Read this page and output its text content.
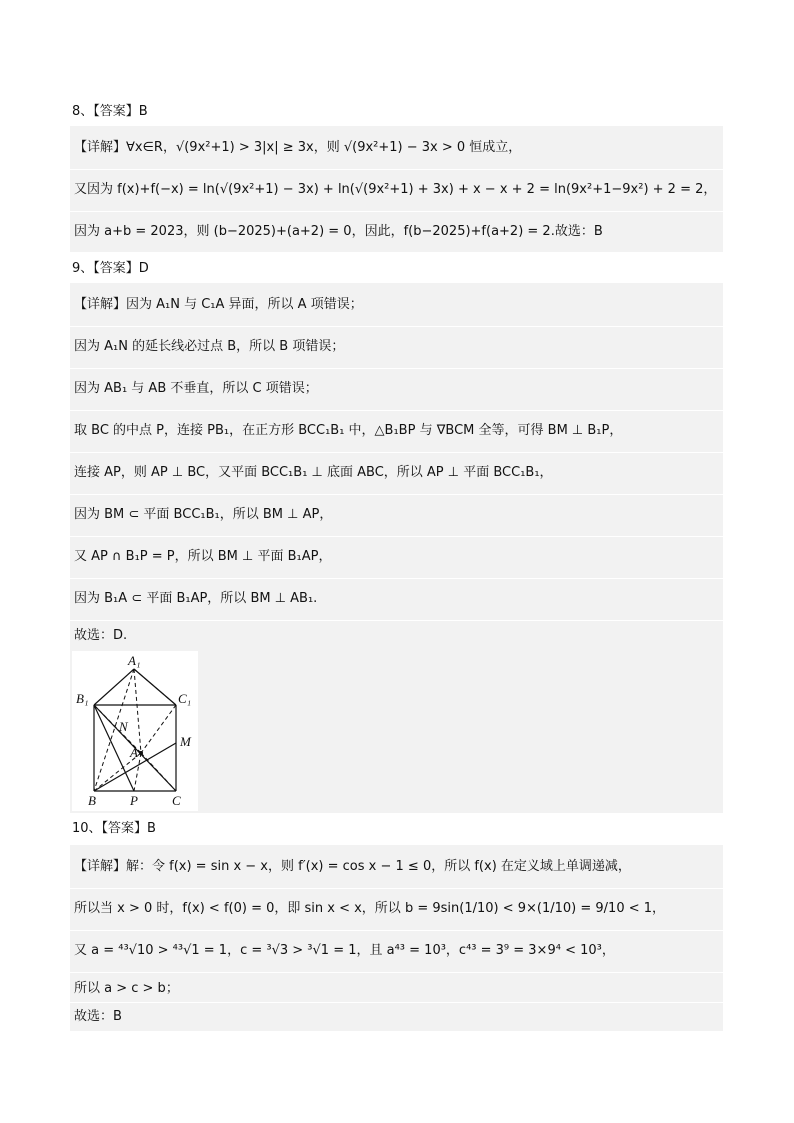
8、【答案】B
【详解】∀x∈R，√(9x²+1) > 3|x| ≥ 3x，则 √(9x²+1) − 3x > 0 恒成立，
又因为 f(x)+f(−x) = ln(√(9x²+1) − 3x) + ln(√(9x²+1) + 3x) + x − x + 2 = ln(9x²+1−9x²) + 2 = 2，
因为 a+b = 2023，则 (b−2025)+(a+2) = 0，因此，f(b−2025)+f(a+2) = 2.故选：B
9、【答案】D
【详解】因为 A₁N 与 C₁A 异面，所以 A 项错误；
因为 A₁N 的延长线必过点 B，所以 B 项错误；
因为 AB₁ 与 AB 不垂直，所以 C 项错误；
取 BC 的中点 P，连接 PB₁，在正方形 BCC₁B₁ 中，△B₁BP 与 ∇BCM 全等，可得 BM ⊥ B₁P，
连接 AP，则 AP ⊥ BC，又平面 BCC₁B₁ ⊥ 底面 ABC，所以 AP ⊥ 平面 BCC₁B₁，
因为 BM ⊂ 平面 BCC₁B₁，所以 BM ⊥ AP，
又 AP ∩ B₁P = P，所以 BM ⊥ 平面 B₁AP，
因为 B₁A ⊂ 平面 B₁AP，所以 BM ⊥ AB₁.
故选：D.
A₁
B₁	C₁
N
A
M
B	P	C
10、【答案】B
【详解】解：令 f(x) = sin x − x，则 f′(x) = cos x − 1 ≤ 0，所以 f(x) 在定义域上单调递减，
所以当 x > 0 时，f(x) < f(0) = 0，即 sin x < x，所以 b = 9sin(1/10) < 9×(1/10) = 9/10 < 1，
又 a = ⁴³√10 > ⁴³√1 = 1，c = ³√3 > ³√1 = 1，且 a⁴³ = 10³，c⁴³ = 3⁹ = 3×9⁴ < 10³，
所以 a > c > b；
故选：B
